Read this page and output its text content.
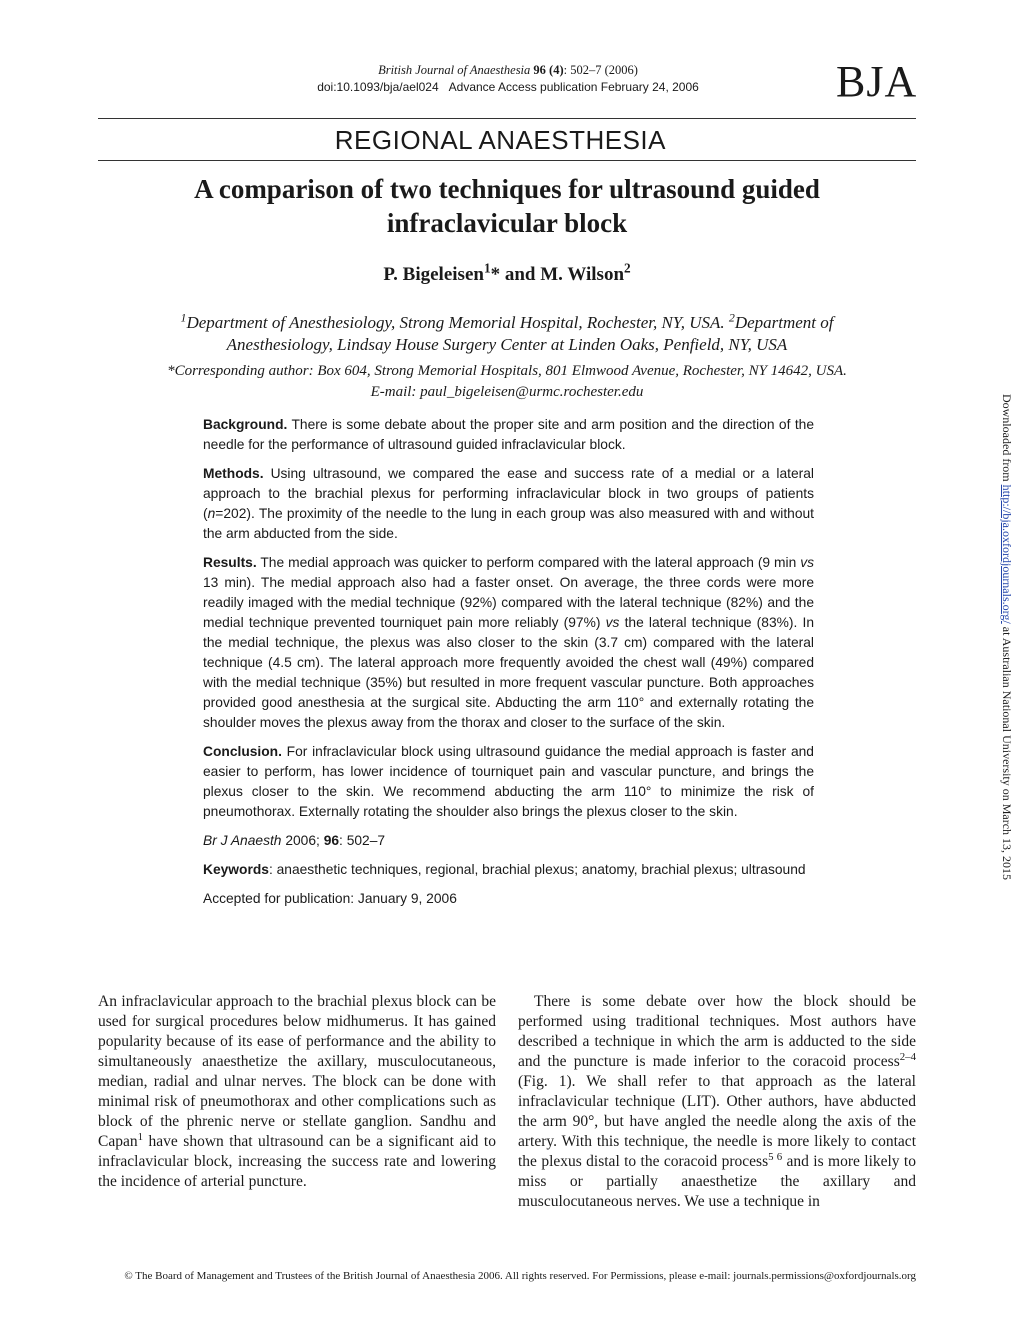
British Journal of Anaesthesia 96 (4): 502–7 (2006)
doi:10.1093/bja/ael024 Advance Access publication February 24, 2006	BJA
REGIONAL ANAESTHESIA
A comparison of two techniques for ultrasound guided
infraclavicular block
P. Bigeleisen$^1$* and M. Wilson$^2$
$^1$Department of Anesthesiology, Strong Memorial Hospital, Rochester, NY, USA. $^2$Department of
Anesthesiology, Lindsay House Surgery Center at Linden Oaks, Penfield, NY, USA
*Corresponding author: Box 604, Strong Memorial Hospitals, 801 Elmwood Avenue, Rochester, NY 14642, USA.
E-mail: paul_bigeleisen@urmc.rochester.edu

Background. There is some debate about the proper site and arm position and the direction of the needle for the performance of ultrasound guided infraclavicular block.

Methods. Using ultrasound, we compared the ease and success rate of a medial or a lateral approach to the brachial plexus for performing infraclavicular block in two groups of patients (n=202). The proximity of the needle to the lung in each group was also measured with and without the arm abducted from the side.

Results. The medial approach was quicker to perform compared with the lateral approach (9 min vs 13 min). The medial approach also had a faster onset. On average, the three cords were more readily imaged with the medial technique (92%) compared with the lateral technique (82%) and the medial technique prevented tourniquet pain more reliably (97%) vs the lateral technique (83%). In the medial technique, the plexus was also closer to the skin (3.7 cm) compared with the lateral technique (4.5 cm). The lateral approach more frequently avoided the chest wall (49%) compared with the medial technique (35%) but resulted in more frequent vascular puncture. Both approaches provided good anesthesia at the surgical site. Abducting the arm 110° and externally rotating the shoulder moves the plexus away from the thorax and closer to the surface of the skin.

Conclusion. For infraclavicular block using ultrasound guidance the medial approach is faster and easier to perform, has lower incidence of tourniquet pain and vascular puncture, and brings the plexus closer to the skin. We recommend abducting the arm 110° to minimize the risk of pneumothorax. Externally rotating the shoulder also brings the plexus closer to the skin.

Br J Anaesth 2006; 96: 502–7

Keywords: anaesthetic techniques, regional, brachial plexus; anatomy, brachial plexus; ultrasound

Accepted for publication: January 9, 2006

An infraclavicular approach to the brachial plexus block can be used for surgical procedures below midhumerus. It has gained popularity because of its ease of performance and the ability to simultaneously anaesthetize the axillary, musculocutaneous, median, radial and ulnar nerves. The block can be done with minimal risk of pneumothorax and other complications such as block of the phrenic nerve or stellate ganglion. Sandhu and Capan$^1$ have shown that ultrasound can be a significant aid to infraclavicular block, increasing the success rate and lowering the incidence of arterial puncture.

There is some debate over how the block should be performed using traditional techniques. Most authors have described a technique in which the arm is adducted to the side and the puncture is made inferior to the coracoid process$^{2-4}$ (Fig. 1). We shall refer to that approach as the lateral infraclavicular technique (LIT). Other authors, have abducted the arm 90°, but have angled the needle along the axis of the artery. With this technique, the needle is more likely to contact the plexus distal to the coracoid process$^{5 6}$ and is more likely to miss or partially anaesthetize the axillary and musculocutaneous nerves. We use a technique in

© The Board of Management and Trustees of the British Journal of Anaesthesia 2006. All rights reserved. For Permissions, please e-mail: journals.permissions@oxfordjournals.org
Downloaded from http://bja.oxfordjournals.org/ at Australian National University on March 13, 2015
